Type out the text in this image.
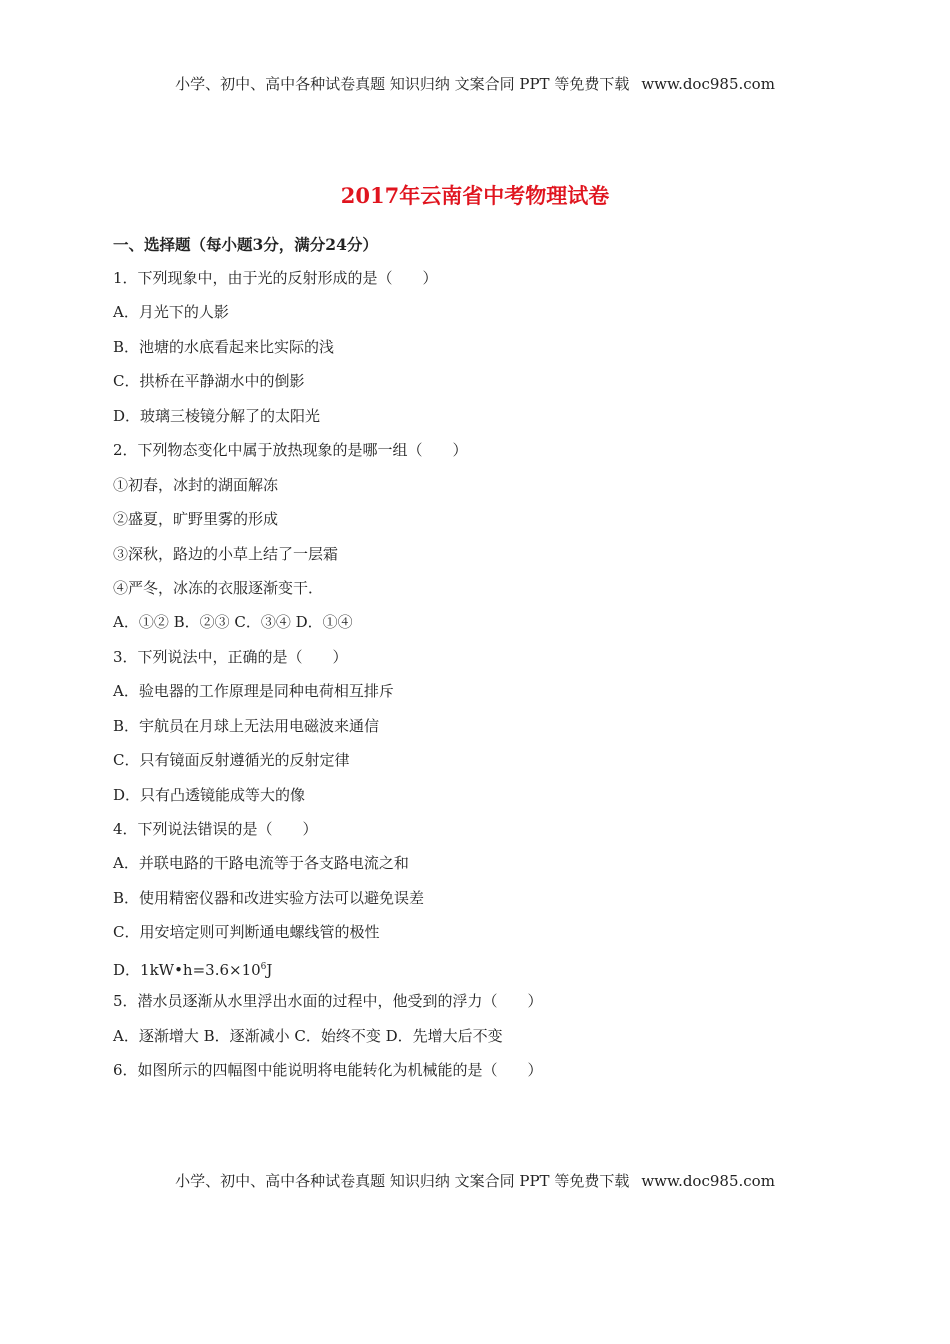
小学、初中、高中各种试卷真题 知识归纳 文案合同 PPT 等免费下载 www.doc985.com
2017年云南省中考物理试卷
一、选择题（每小题3分，满分24分）
1．下列现象中，由于光的反射形成的是（　　）
A．月光下的人影
B．池塘的水底看起来比实际的浅
C．拱桥在平静湖水中的倒影
D．玻璃三棱镜分解了的太阳光
2．下列物态变化中属于放热现象的是哪一组（　　）
①初春，冰封的湖面解冻
②盛夏，旷野里雾的形成
③深秋，路边的小草上结了一层霜
④严冬，冰冻的衣服逐渐变干．
A．①② B．②③ C．③④ D．①④
3．下列说法中，正确的是（　　）
A．验电器的工作原理是同种电荷相互排斥
B．宇航员在月球上无法用电磁波来通信
C．只有镜面反射遵循光的反射定律
D．只有凸透镜能成等大的像
4．下列说法错误的是（　　）
A．并联电路的干路电流等于各支路电流之和
B．使用精密仪器和改进实验方法可以避免误差
C．用安培定则可判断通电螺线管的极性
D．$1kW•h=3.6\times 10^6J$
5．潜水员逐渐从水里浮出水面的过程中，他受到的浮力（　　）
A．逐渐增大 B．逐渐减小 C．始终不变 D．先增大后不变
6．如图所示的四幅图中能说明将电能转化为机械能的是（　　）
小学、初中、高中各种试卷真题 知识归纳 文案合同 PPT 等免费下载 www.doc985.com
